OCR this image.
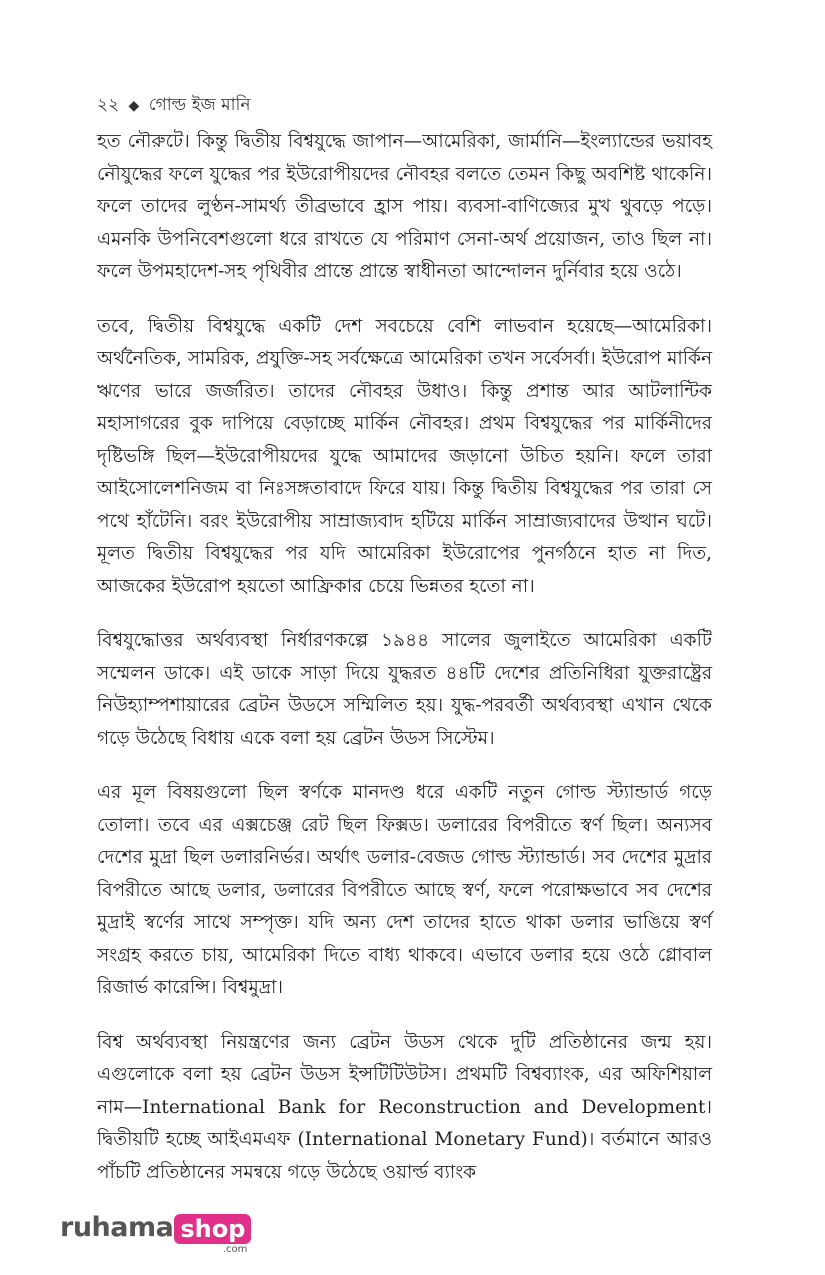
২২ ◆ গোল্ড ইজ মানি

হত নৌরুটে। কিন্তু দ্বিতীয় বিশ্বযুদ্ধে জাপান—আমেরিকা, জার্মানি—ইংল্যান্ডের ভয়াবহ নৌযুদ্ধের ফলে যুদ্ধের পর ইউরোপীয়দের নৌবহর বলতে তেমন কিছু অবশিষ্ট থাকেনি। ফলে তাদের লুণ্ঠন-সামর্থ্য তীব্রভাবে হ্রাস পায়। ব্যবসা-বাণিজ্যের মুখ থুবড়ে পড়ে। এমনকি উপনিবেশগুলো ধরে রাখতে যে পরিমাণ সেনা-অর্থ প্রয়োজন, তাও ছিল না। ফলে উপমহাদেশ-সহ পৃথিবীর প্রান্তে প্রান্তে স্বাধীনতা আন্দোলন দুর্নিবার হয়ে ওঠে।

তবে, দ্বিতীয় বিশ্বযুদ্ধে একটি দেশ সবচেয়ে বেশি লাভবান হয়েছে—আমেরিকা। অর্থনৈতিক, সামরিক, প্রযুক্তি-সহ সর্বক্ষেত্রে আমেরিকা তখন সর্বেসর্বা। ইউরোপ মার্কিন ঋণের ভারে জর্জরিত। তাদের নৌবহর উধাও। কিন্তু প্রশান্ত আর আটলান্টিক মহাসাগরের বুক দাপিয়ে বেড়াচ্ছে মার্কিন নৌবহর। প্রথম বিশ্বযুদ্ধের পর মার্কিনীদের দৃষ্টিভঙ্গি ছিল—ইউরোপীয়দের যুদ্ধে আমাদের জড়ানো উচিত হয়নি। ফলে তারা আইসোলেশনিজম বা নিঃসঙ্গতাবাদে ফিরে যায়। কিন্তু দ্বিতীয় বিশ্বযুদ্ধের পর তারা সে পথে হাঁটেনি। বরং ইউরোপীয় সাম্রাজ্যবাদ হটিয়ে মার্কিন সাম্রাজ্যবাদের উত্থান ঘটে। মূলত দ্বিতীয় বিশ্বযুদ্ধের পর যদি আমেরিকা ইউরোপের পুনর্গঠনে হাত না দিত, আজকের ইউরোপ হয়তো আফ্রিকার চেয়ে ভিন্নতর হতো না।

বিশ্বযুদ্ধোত্তর অর্থব্যবস্থা নির্ধারণকল্পে ১৯৪৪ সালের জুলাইতে আমেরিকা একটি সম্মেলন ডাকে। এই ডাকে সাড়া দিয়ে যুদ্ধরত ৪৪টি দেশের প্রতিনিধিরা যুক্তরাষ্ট্রের নিউহ্যাম্পশায়ারের ব্রেটন উডসে সম্মিলিত হয়। যুদ্ধ-পরবর্তী অর্থব্যবস্থা এখান থেকে গড়ে উঠেছে বিধায় একে বলা হয় ব্রেটন উডস সিস্টেম।

এর মূল বিষয়গুলো ছিল স্বর্ণকে মানদণ্ড ধরে একটি নতুন গোল্ড স্ট্যান্ডার্ড গড়ে তোলা। তবে এর এক্সচেঞ্জ রেট ছিল ফিক্সড। ডলারের বিপরীতে স্বর্ণ ছিল। অন্যসব দেশের মুদ্রা ছিল ডলারনির্ভর। অর্থাৎ ডলার-বেজড গোল্ড স্ট্যান্ডার্ড। সব দেশের মুদ্রার বিপরীতে আছে ডলার, ডলারের বিপরীতে আছে স্বর্ণ, ফলে পরোক্ষভাবে সব দেশের মুদ্রাই স্বর্ণের সাথে সম্পৃক্ত। যদি অন্য দেশ তাদের হাতে থাকা ডলার ভাঙিয়ে স্বর্ণ সংগ্রহ করতে চায়, আমেরিকা দিতে বাধ্য থাকবে। এভাবে ডলার হয়ে ওঠে গ্লোবাল রিজার্ভ কারেন্সি। বিশ্বমুদ্রা।

বিশ্ব অর্থব্যবস্থা নিয়ন্ত্রণের জন্য ব্রেটন উডস থেকে দুটি প্রতিষ্ঠানের জন্ম হয়। এগুলোকে বলা হয় ব্রেটন উডস ইন্সটিটিউটস। প্রথমটি বিশ্বব্যাংক, এর অফিশিয়াল নাম—International Bank for Reconstruction and Development। দ্বিতীয়টি হচ্ছে আইএমএফ (International Monetary Fund)। বর্তমানে আরও পাঁচটি প্রতিষ্ঠানের সমন্বয়ে গড়ে উঠেছে ওয়ার্ল্ড ব্যাংক

ruhama shop
.com
